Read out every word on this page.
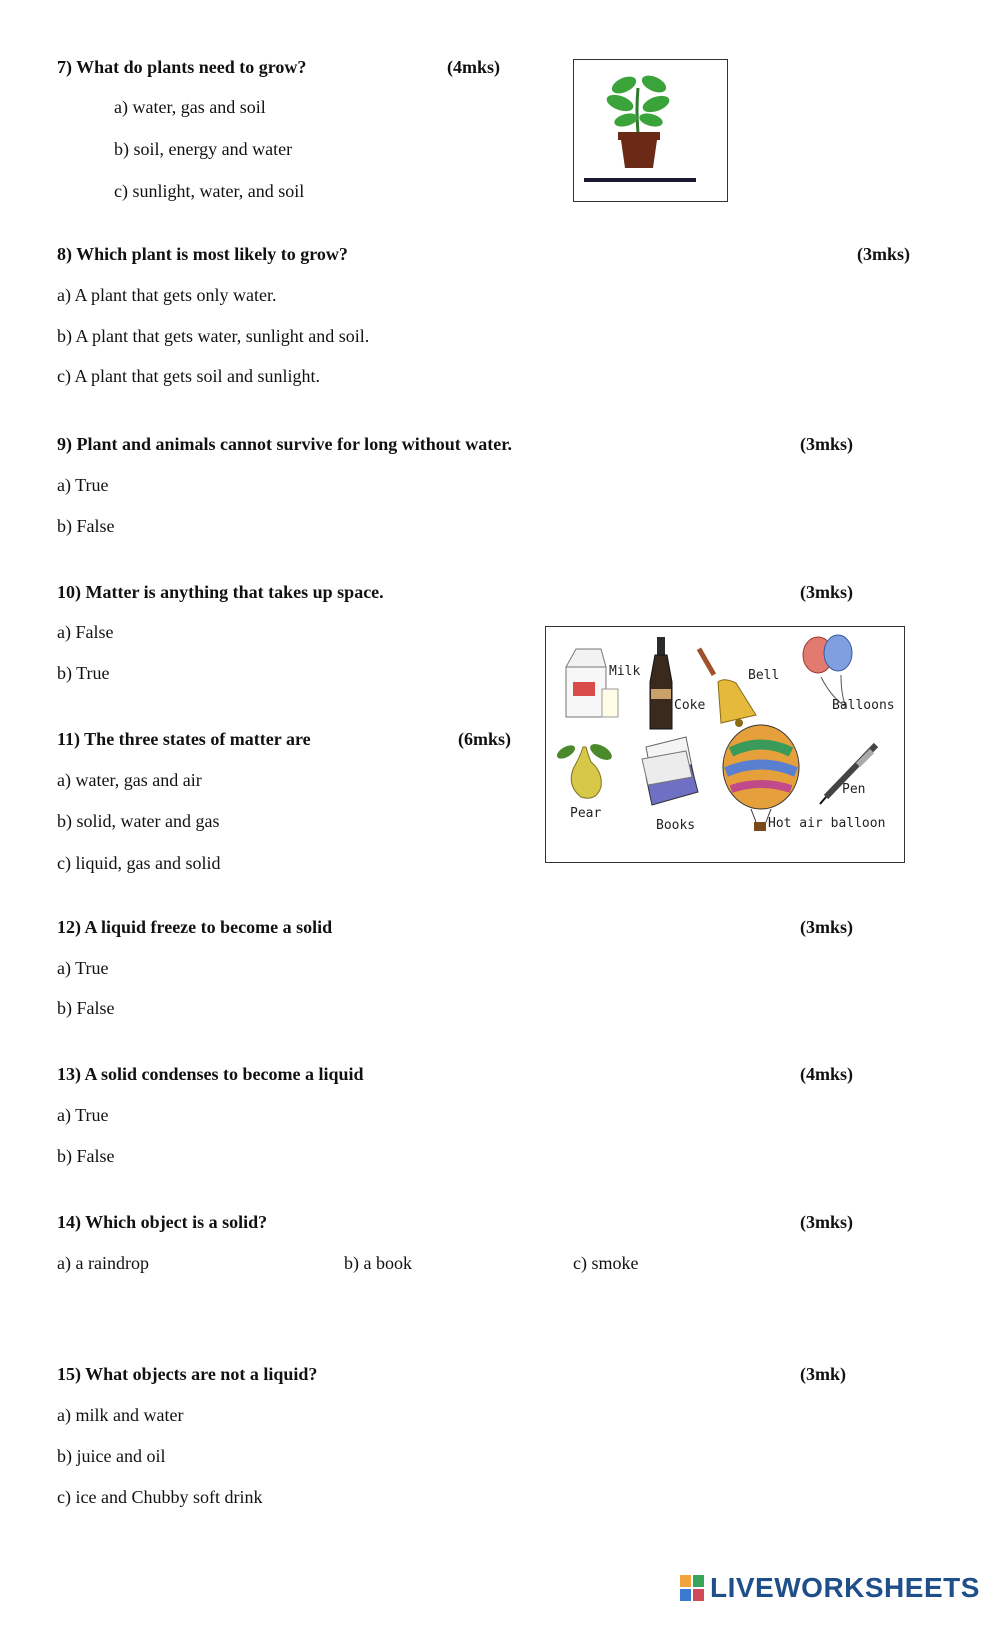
7) What do plants need to grow?	(4mks)
a) water, gas and soil
b) soil, energy and water
c) sunlight, water, and soil
8) Which plant is most likely to grow?	(3mks)
a) A plant that gets only water.
b) A plant that gets water, sunlight and soil.
c) A plant that gets soil and sunlight.
9) Plant and animals cannot survive for long without water.	(3mks)
a) True
b) False
10) Matter is anything that takes up space.	(3mks)
a) False
b) True	Milk
Coke
Bell
Balloons
Pear
Books	Hot air balloon
Pen
11) The three states of matter are	(6mks)
a) water, gas and air
b) solid, water and gas
c) liquid, gas and solid
12) A liquid freeze to become a solid	(3mks)
a) True
b) False
13) A solid condenses to become a liquid	(4mks)
a) True
b) False
14) Which object is a solid?	(3mks)
a) a raindrop	b) a book	c) smoke
15) What objects are not a liquid?	(3mk)
a) milk and water
b) juice and oil
c) ice and Chubby soft drink
LIVEWORKSHEETS
